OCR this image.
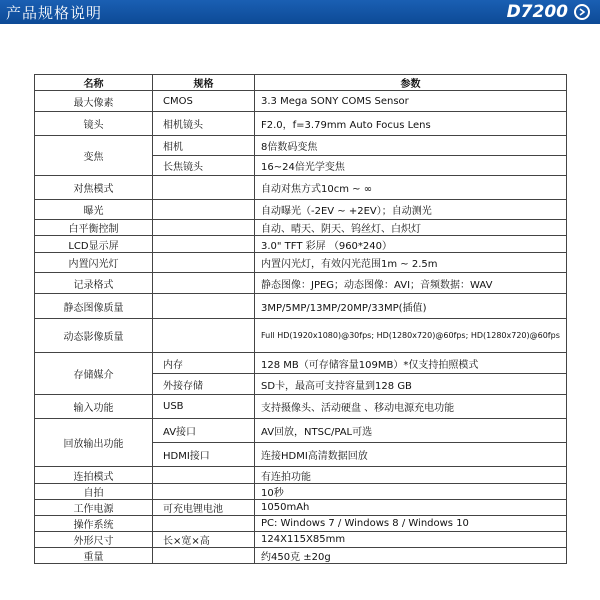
产品规格说明	D7200
名称	规格	参数
最大像素	CMOS	3.3 Mega SONY COMS Sensor
镜头	相机镜头	F2.0，f=3.79mm Auto Focus Lens
变焦	相机	8倍数码变焦
	长焦镜头	16~24倍光学变焦
对焦模式		自动对焦方式10cm ~ ∞
曝光		自动曝光（-2EV ~ +2EV）；自动测光
白平衡控制		自动、晴天、阴天、钨丝灯、白炽灯
LCD显示屏		3.0" TFT 彩屏 （960*240）
内置闪光灯		内置闪光灯，有效闪光范围1m ~ 2.5m
记录格式		静态图像：JPEG；动态图像：AVI；音频数据：WAV
静态图像质量		3MP/5MP/13MP/20MP/33MP(插值)
动态影像质量		Full HD(1920x1080)@30fps; HD(1280x720)@60fps; HD(1280x720)@60fps
存储媒介	内存	128 MB（可存储容量109MB）*仅支持拍照模式
	外接存储	SD卡，最高可支持容量到128 GB
输入功能	USB	支持摄像头、活动硬盘 、移动电源充电功能
回放输出功能	AV接口	AV回放，NTSC/PAL可选
	HDMI接口	连接HDMI高清数据回放
连拍模式		有连拍功能
自拍		10秒
工作电源	可充电锂电池	1050mAh
操作系统		PC: Windows 7 / Windows 8 / Windows 10
外形尺寸	长×宽×高	124X115X85mm
重量		约450克 ±20g
